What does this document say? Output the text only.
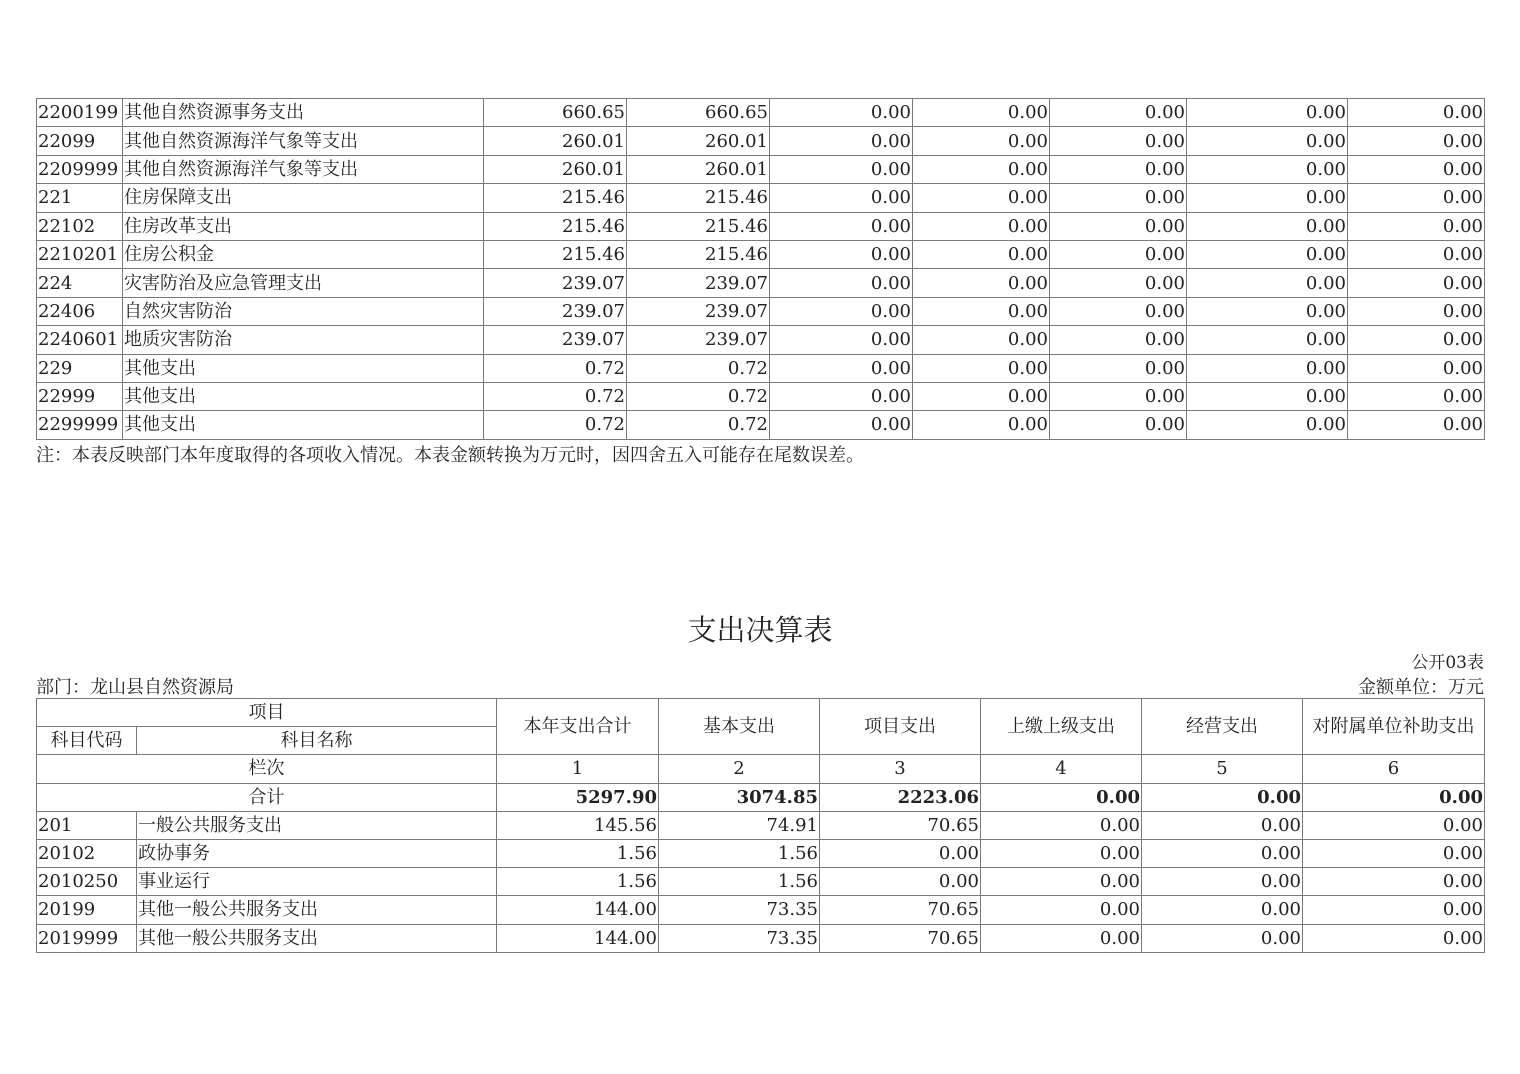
2200199	其他自然资源事务支出	660.65	660.65	0.00	0.00	0.00	0.00	0.00
22099	其他自然资源海洋气象等支出	260.01	260.01	0.00	0.00	0.00	0.00	0.00
2209999	其他自然资源海洋气象等支出	260.01	260.01	0.00	0.00	0.00	0.00	0.00
221	住房保障支出	215.46	215.46	0.00	0.00	0.00	0.00	0.00
22102	住房改革支出	215.46	215.46	0.00	0.00	0.00	0.00	0.00
2210201	住房公积金	215.46	215.46	0.00	0.00	0.00	0.00	0.00
224	灾害防治及应急管理支出	239.07	239.07	0.00	0.00	0.00	0.00	0.00
22406	自然灾害防治	239.07	239.07	0.00	0.00	0.00	0.00	0.00
2240601	地质灾害防治	239.07	239.07	0.00	0.00	0.00	0.00	0.00
229	其他支出	0.72	0.72	0.00	0.00	0.00	0.00	0.00
22999	其他支出	0.72	0.72	0.00	0.00	0.00	0.00	0.00
2299999	其他支出	0.72	0.72	0.00	0.00	0.00	0.00	0.00
注：本表反映部门本年度取得的各项收入情况。本表金额转换为万元时，因四舍五入可能存在尾数误差。
支出决算表
公开03表
部门：龙山县自然资源局	金额单位：万元
项目		本年支出合计	基本支出	项目支出	上缴上级支出	经营支出	对附属单位补助支出
科目代码	科目名称						
栏次		1	2	3	4	5	6
合计		5297.90	3074.85	2223.06	0.00	0.00	0.00
201	一般公共服务支出	145.56	74.91	70.65	0.00	0.00	0.00
20102	政协事务	1.56	1.56	0.00	0.00	0.00	0.00
2010250	事业运行	1.56	1.56	0.00	0.00	0.00	0.00
20199	其他一般公共服务支出	144.00	73.35	70.65	0.00	0.00	0.00
2019999	其他一般公共服务支出	144.00	73.35	70.65	0.00	0.00	0.00
